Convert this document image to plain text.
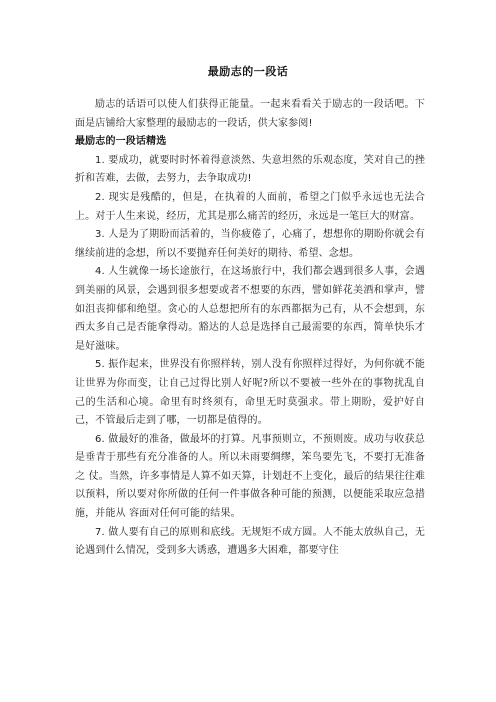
最励志的一段话

励志的话语可以使人们获得正能量。一起来看看关于励志的一段话吧。下面是店铺给大家整理的最励志的一段话，供大家参阅!

最励志的一段话精选

1. 要成功，就要时时怀着得意淡然、失意坦然的乐观态度，笑对自己的挫折和苦难，去做，去努力，去争取成功!

2. 现实是残酷的，但是，在执着的人面前，希望之门似乎永远也无法合上。对于人生来说，经历，尤其是那么痛苦的经历，永远是一笔巨大的财富。

3. 人是为了期盼而活着的，当你疲倦了，心痛了，想想你的期盼你就会有继续前进的念想，所以不要抛弃任何美好的期待、希望、念想。

4. 人生就像一场长途旅行，在这场旅行中，我们都会遇到很多人事，会遇到美丽的风景，会遇到很多想要或者不想要的东西，譬如鲜花美酒和掌声，譬如沮丧抑郁和绝望。贪心的人总想把所有的东西都据为己有，从不会想到，东西太多自己是否能拿得动。豁达的人总是选择自己最需要的东西，简单快乐才是好滋味。

5. 振作起来，世界没有你照样转，别人没有你照样过得好，为何你就不能让世界为你而变，让自己过得比别人好呢?所以不要被一些外在的事物扰乱自己的生活和心境。命里有时终须有，命里无时莫强求。带上期盼，爱护好自己，不管最后走到了哪，一切都是值得的。

6. 做最好的准备，做最坏的打算。凡事预则立，不预则废。成功与收获总是垂青于那些有充分准备的人。所以未雨要绸缪，笨鸟要先飞，不要打无准备之 仗。当然，许多事情是人算不如天算，计划赶不上变化，最后的结果往往难以预料，所以要对你所做的任何一件事做各种可能的预测，以便能采取应急措施，并能从 容面对任何可能的结果。

7. 做人要有自己的原则和底线。无规矩不成方圆。人不能太放纵自己，无论遇到什么情况，受到多大诱惑，遭遇多大困难，都要守住
